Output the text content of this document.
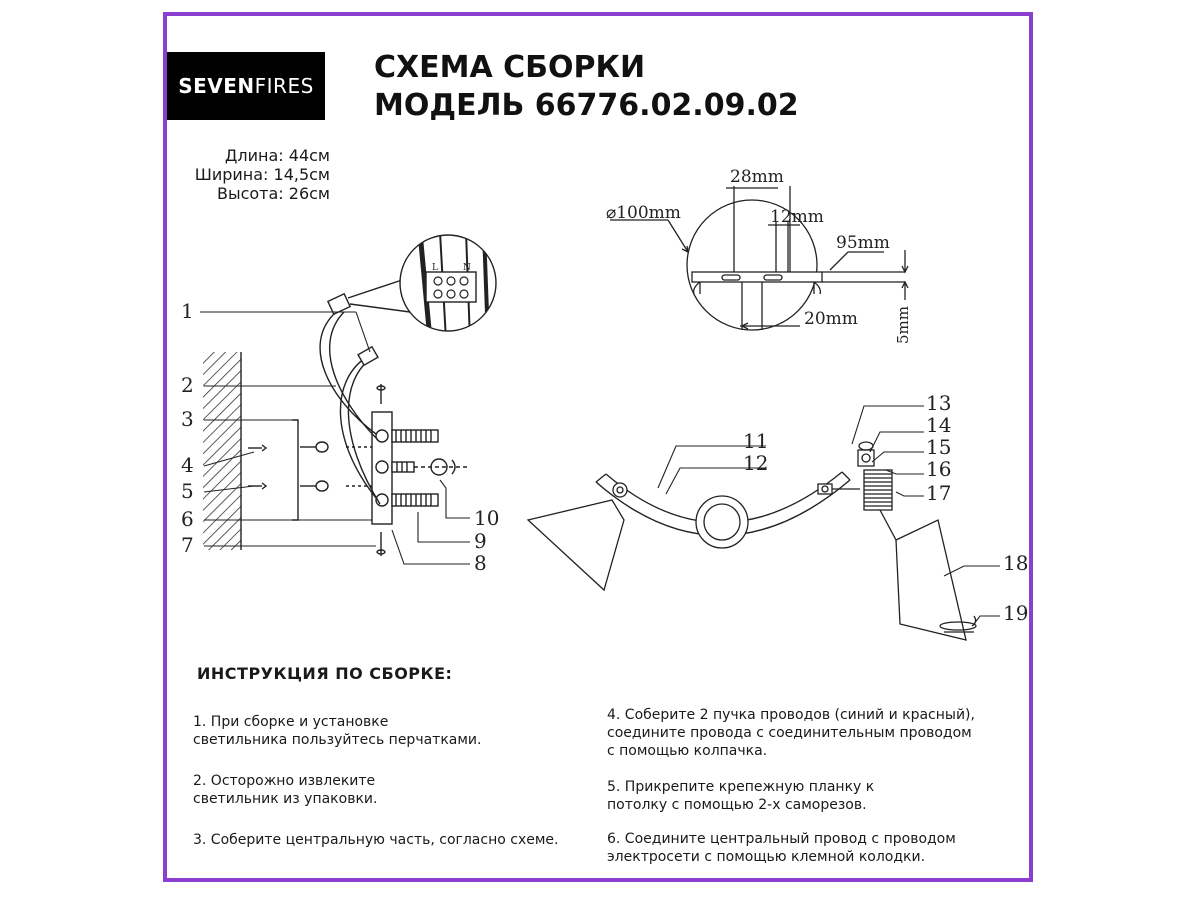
SEVEN FIRES
СХЕМА СБОРКИ
МОДЕЛЬ 66776.02.09.02
Длина: 44см
Ширина: 14,5см
Высота: 26см
L	N
1
2
3
4
5
6
7
8
9
10
⌀100mm
28mm
12mm
95mm
20mm 5mm
11
12
13
14
15
16
17
18
19
ИНСТРУКЦИЯ ПО СБОРКЕ:
1. При сборке и установке
светильника пользуйтесь перчатками.
2. Осторожно извлеките
светильник из упаковки.
3. Соберите центральную часть, согласно схеме.
4. Соберите 2 пучка проводов (синий и красный),
соедините провода с соединительным проводом
с помощью колпачка.
5. Прикрепите крепежную планку к
потолку с помощью 2-х саморезов.
6. Соедините центральный провод с проводом
электросети с помощью клемной колодки.
